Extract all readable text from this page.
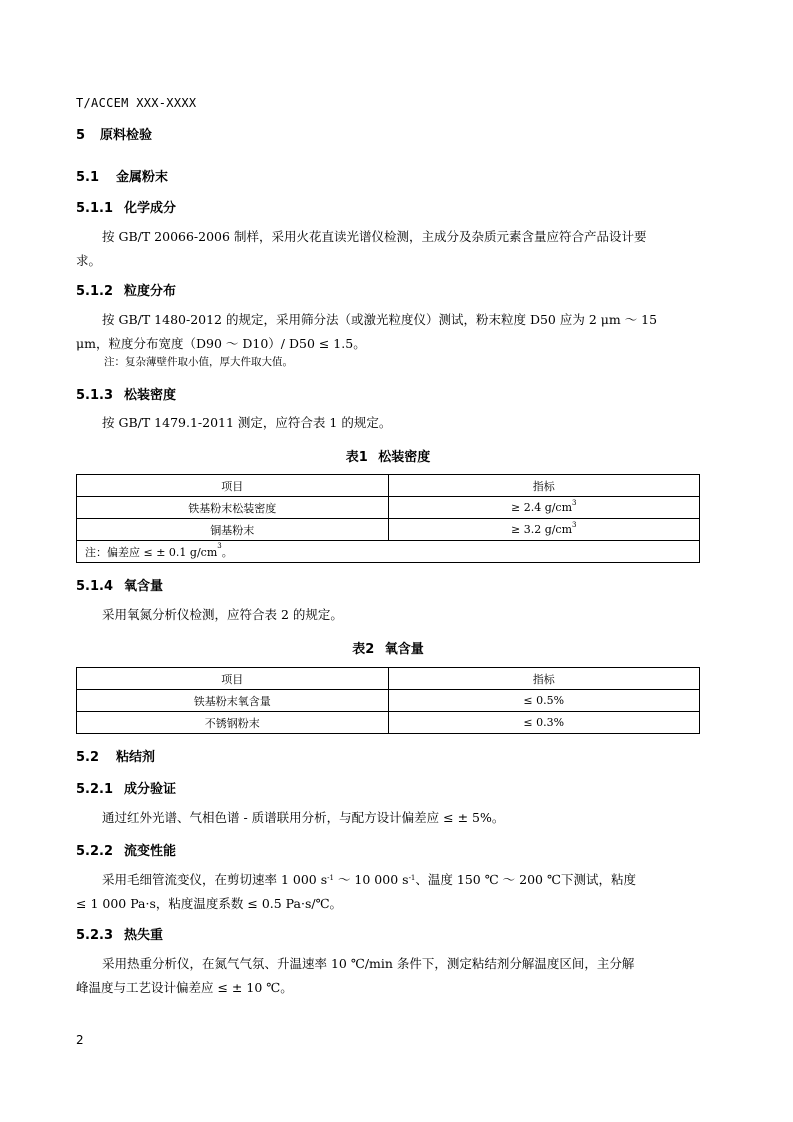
T/ACCEM XXX-XXXX
5 原料检验
5.1 金属粉末
5.1.1 化学成分
按 GB/T 20066-2006 制样，采用火花直读光谱仪检测，主成分及杂质元素含量应符合产品设计要
求。
5.1.2 粒度分布
按 GB/T 1480-2012 的规定，采用筛分法（或激光粒度仪）测试，粉末粒度 D50 应为 2 μm ～ 15
μm，粒度分布宽度（D90 ～ D10）/ D50 ≤ 1.5。
注：复杂薄壁件取小值，厚大件取大值。
5.1.3 松装密度
按 GB/T 1479.1-2011 测定，应符合表 1 的规定。
表1 松装密度
项目	指标
铁基粉末松装密度	≥ 2.4 $g/cm^3$
铜基粉末	≥ 3.2 $g/cm^3$
注：偏差应 ≤ ± 0.1 $g/cm^3$。	
5.1.4 氧含量
采用氧氮分析仪检测，应符合表 2 的规定。
表2 氧含量
项目	指标
铁基粉末氧含量	≤ 0.5%
不锈钢粉末	≤ 0.3%
5.2 粘结剂
5.2.1 成分验证
通过红外光谱、气相色谱 - 质谱联用分析，与配方设计偏差应 ≤ ± 5%。
5.2.2 流变性能
采用毛细管流变仪，在剪切速率 1 000 $s^{-1}$ ～ 10 000 $s^{-1}$、温度 150 ℃ ～ 200 ℃下测试，粘度
≤ 1 000 Pa·s，粘度温度系数 ≤ 0.5 Pa·s/℃。
5.2.3 热失重
采用热重分析仪，在氮气气氛、升温速率 10 ℃/min 条件下，测定粘结剂分解温度区间，主分解
峰温度与工艺设计偏差应 ≤ ± 10 ℃。
2
